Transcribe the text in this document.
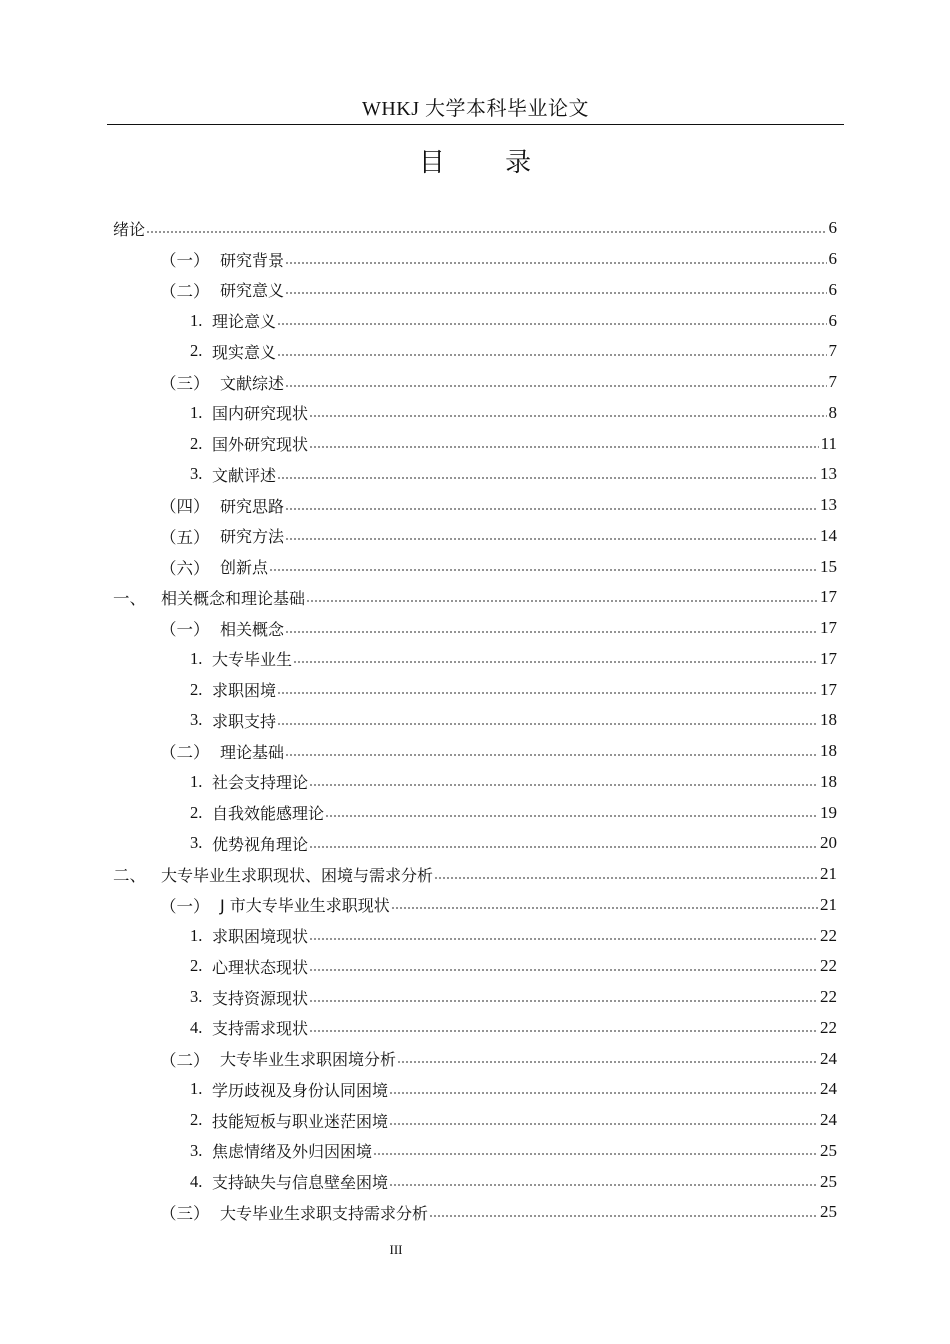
WHKJ 大学本科毕业论文
目 录
绪论	6
（一） 研究背景	6
（二） 研究意义	6
1. 理论意义	6
2. 现实意义	7
（三） 文献综述	7
1. 国内研究现状	8
2. 国外研究现状	11
3. 文献评述	13
（四） 研究思路	13
（五） 研究方法	14
（六） 创新点	15
一、 相关概念和理论基础	17
（一） 相关概念	17
1. 大专毕业生	17
2. 求职困境	17
3. 求职支持	18
（二） 理论基础	18
1. 社会支持理论	18
2. 自我效能感理论	19
3. 优势视角理论	20
二、 大专毕业生求职现状、困境与需求分析	21
（一） J 市大专毕业生求职现状	21
1. 求职困境现状	22
2. 心理状态现状	22
3. 支持资源现状	22
4. 支持需求现状	22
（二） 大专毕业生求职困境分析	24
1. 学历歧视及身份认同困境	24
2. 技能短板与职业迷茫困境	24
3. 焦虑情绪及外归因困境	25
4. 支持缺失与信息壁垒困境	25
（三） 大专毕业生求职支持需求分析	25
III
